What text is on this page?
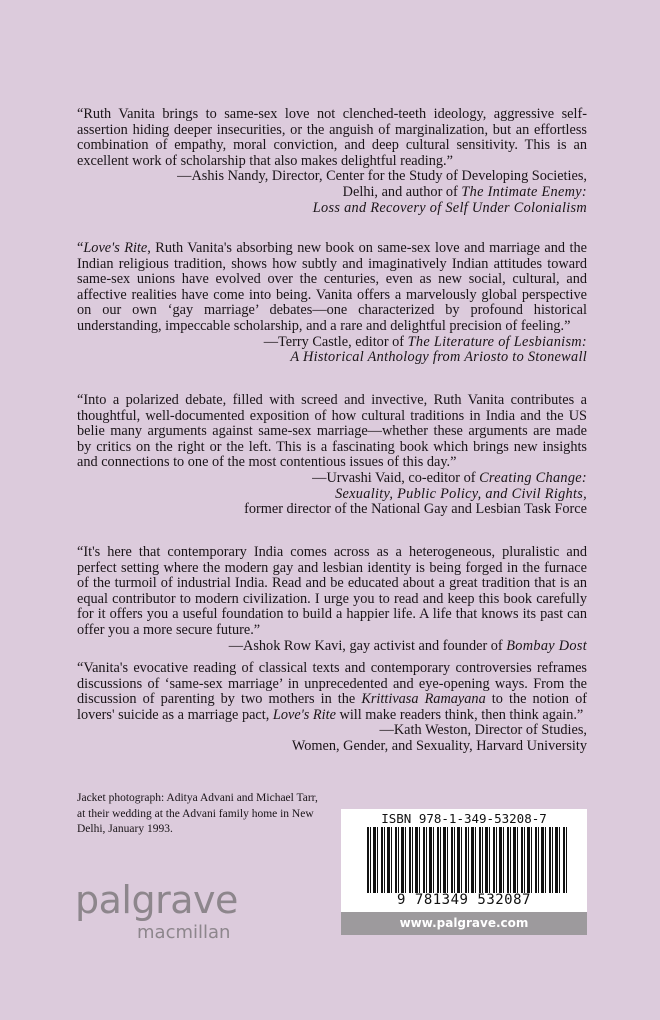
“Ruth Vanita brings to same-sex love not clenched-teeth ideology, aggressive self-assertion hiding deeper insecurities, or the anguish of marginalization, but an effortless combination of empathy, moral conviction, and deep cultural sensitivity. This is an excellent work of scholarship that also makes delightful reading.”

—Ashis Nandy, Director, Center for the Study of Developing Societies,
Delhi, and author of The Intimate Enemy:
Loss and Recovery of Self Under Colonialism

“Love's Rite, Ruth Vanita's absorbing new book on same-sex love and marriage and the Indian religious tradition, shows how subtly and imaginatively Indian attitudes toward same-sex unions have evolved over the centuries, even as new social, cultural, and affective realities have come into being. Vanita offers a marvelously global perspective on our own ‘gay marriage’ debates—one characterized by profound historical understanding, impeccable scholarship, and a rare and delightful precision of feeling.”

—Terry Castle, editor of The Literature of Lesbianism:
A Historical Anthology from Ariosto to Stonewall

“Into a polarized debate, filled with screed and invective, Ruth Vanita contributes a thoughtful, well-documented exposition of how cultural traditions in India and the US belie many arguments against same-sex marriage—whether these arguments are made by critics on the right or the left. This is a fascinating book which brings new insights and connections to one of the most contentious issues of this day.”

—Urvashi Vaid, co-editor of Creating Change:
Sexuality, Public Policy, and Civil Rights,
former director of the National Gay and Lesbian Task Force

“It's here that contemporary India comes across as a heterogeneous, pluralistic and perfect setting where the modern gay and lesbian identity is being forged in the furnace of the turmoil of industrial India. Read and be educated about a great tradition that is an equal contributor to modern civilization. I urge you to read and keep this book carefully for it offers you a useful foundation to build a happier life. A life that knows its past can offer you a more secure future.”

—Ashok Row Kavi, gay activist and founder of Bombay Dost

“Vanita's evocative reading of classical texts and contemporary controversies reframes discussions of ‘same-sex marriage’ in unprecedented and eye-opening ways. From the discussion of parenting by two mothers in the Krittivasa Ramayana to the notion of lovers' suicide as a marriage pact, Love's Rite will make readers think, then think again.”

—Kath Weston, Director of Studies,
Women, Gender, and Sexuality, Harvard University

Jacket photograph: Aditya Advani and Michael Tarr, at their wedding at the Advani family home in New Delhi, January 1993.
palgrave
macmillan
ISBN 978-1-349-53208-7
9 781349 532087
www.palgrave.com
